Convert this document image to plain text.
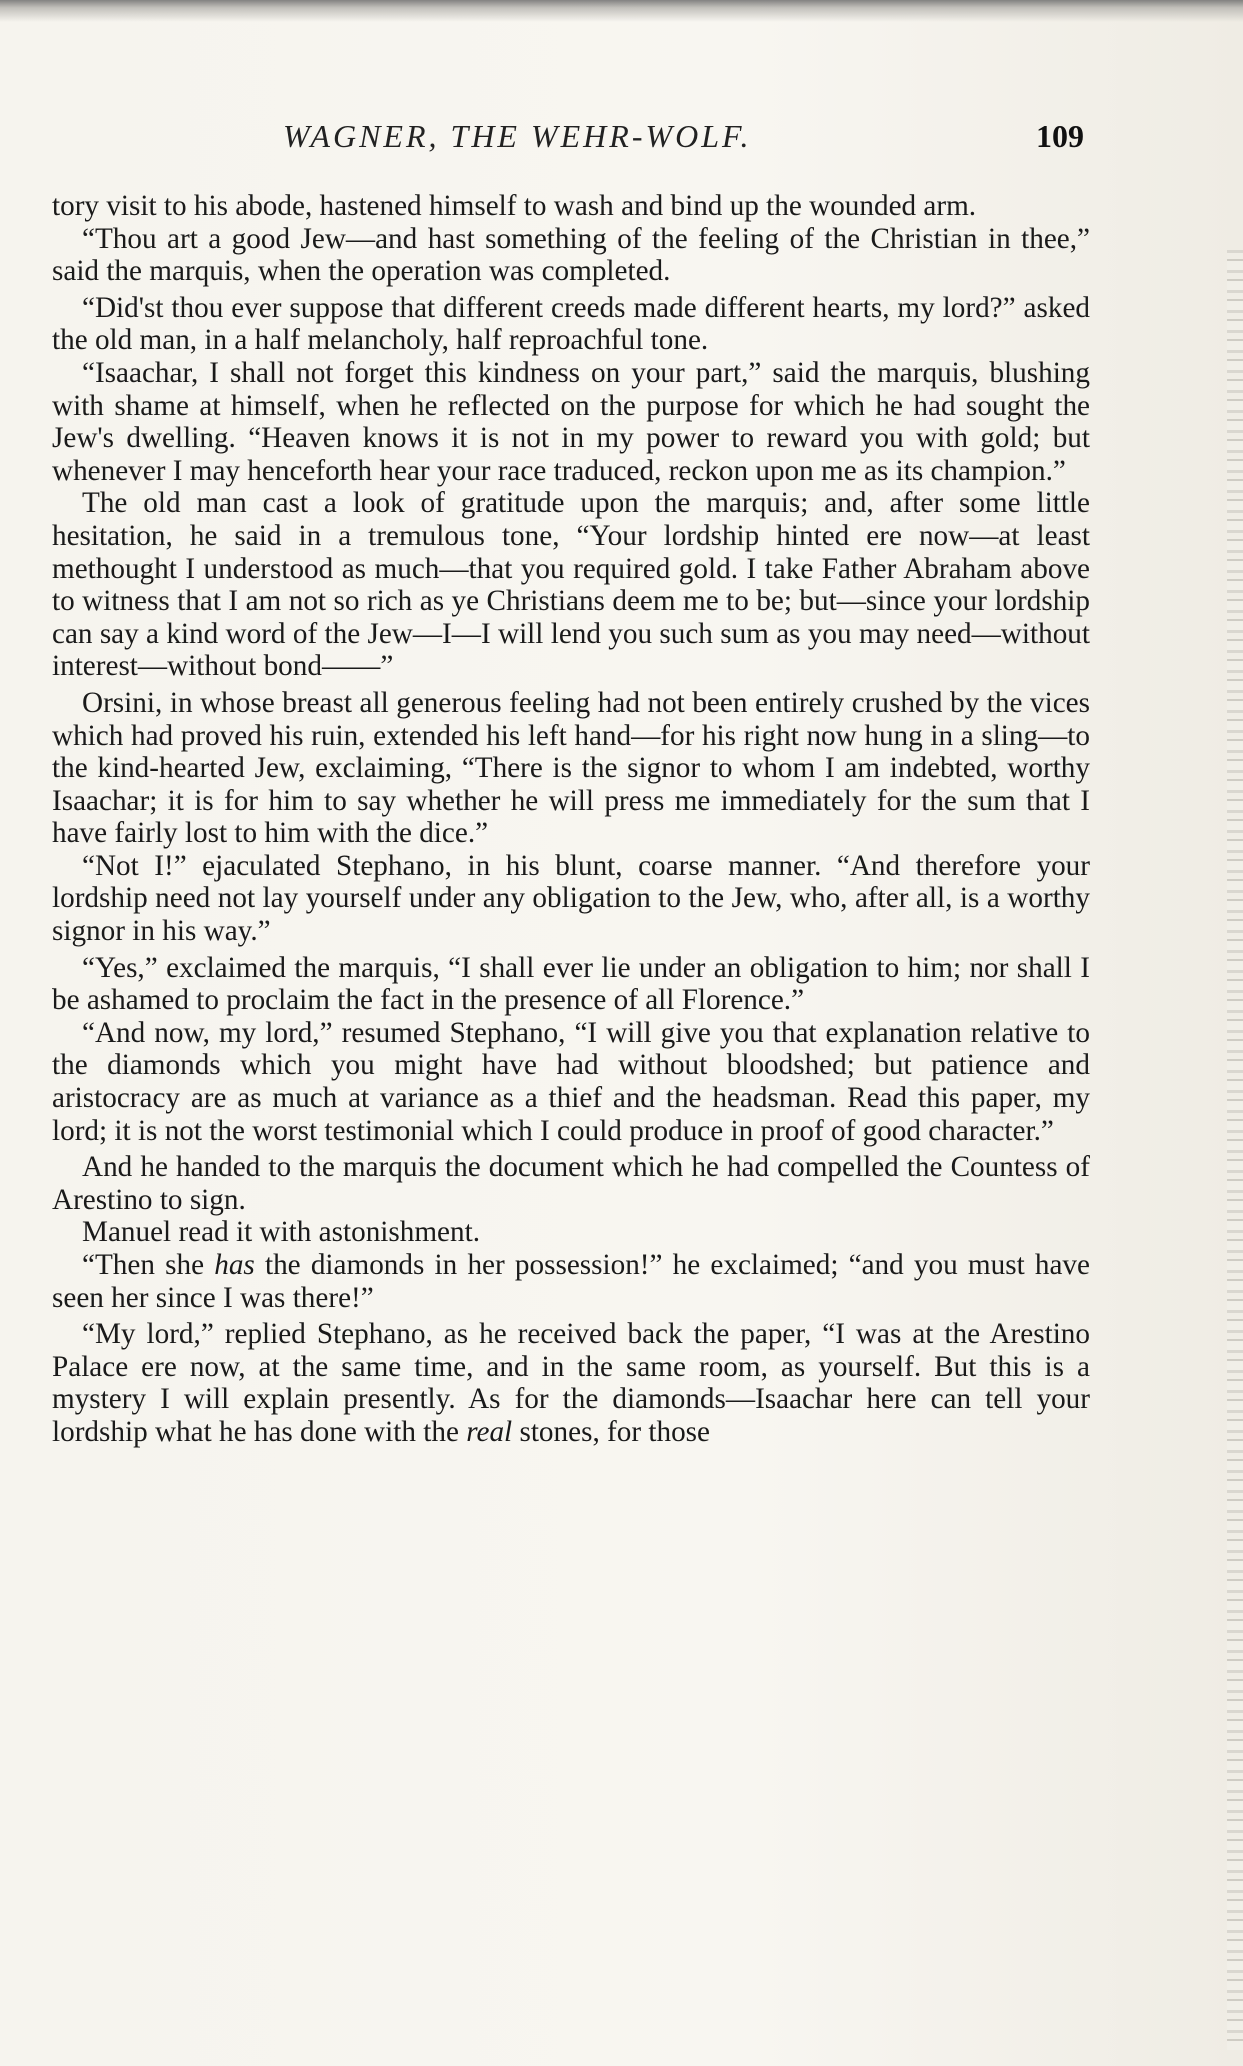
WAGNER, THE WEHR-WOLF.	109

tory visit to his abode, hastened himself to wash and bind up the wounded arm.

“Thou art a good Jew—and hast something of the feeling of the Christian in thee,” said the marquis, when the operation was completed.

“Did'st thou ever suppose that different creeds made different hearts, my lord?” asked the old man, in a half melancholy, half reproachful tone.

“Isaachar, I shall not forget this kindness on your part,” said the marquis, blushing with shame at himself, when he reflected on the purpose for which he had sought the Jew's dwelling. “Heaven knows it is not in my power to reward you with gold; but whenever I may henceforth hear your race traduced, reckon upon me as its champion.”

The old man cast a look of gratitude upon the marquis; and, after some little hesitation, he said in a tremulous tone, “Your lordship hinted ere now—at least methought I understood as much—that you required gold. I take Father Abraham above to witness that I am not so rich as ye Christians deem me to be; but—since your lordship can say a kind word of the Jew—I—I will lend you such sum as you may need—without interest—without bond——”

Orsini, in whose breast all generous feeling had not been entirely crushed by the vices which had proved his ruin, extended his left hand—for his right now hung in a sling—to the kind-hearted Jew, exclaiming, “There is the signor to whom I am indebted, worthy Isaachar; it is for him to say whether he will press me immediately for the sum that I have fairly lost to him with the dice.”

“Not I!” ejaculated Stephano, in his blunt, coarse manner. “And therefore your lordship need not lay yourself under any obligation to the Jew, who, after all, is a worthy signor in his way.”

“Yes,” exclaimed the marquis, “I shall ever lie under an obligation to him; nor shall I be ashamed to proclaim the fact in the presence of all Florence.”

“And now, my lord,” resumed Stephano, “I will give you that explanation relative to the diamonds which you might have had without bloodshed; but patience and aristocracy are as much at variance as a thief and the headsman. Read this paper, my lord; it is not the worst testimonial which I could produce in proof of good character.”

And he handed to the marquis the document which he had compelled the Countess of Arestino to sign.

Manuel read it with astonishment.

“Then she has the diamonds in her possession!” he exclaimed; “and you must have seen her since I was there!”

“My lord,” replied Stephano, as he received back the paper, “I was at the Arestino Palace ere now, at the same time, and in the same room, as yourself. But this is a mystery I will explain presently. As for the diamonds—Isaachar here can tell your lordship what he has done with the real stones, for those
